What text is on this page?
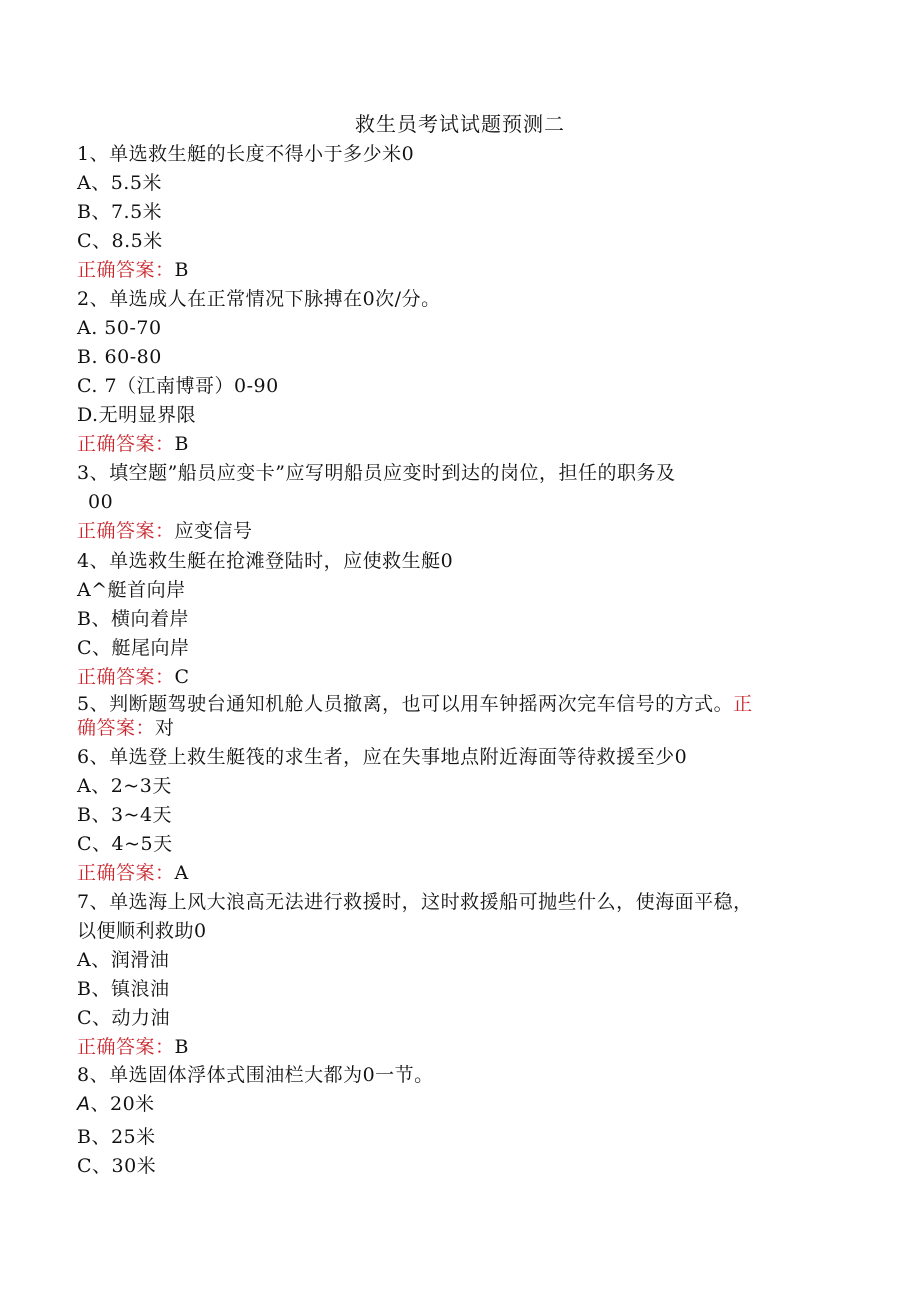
救生员考试试题预测二
1、单选救生艇的长度不得小于多少米0
A、5.5米
B、7.5米
C、8.5米
正确答案：B
2、单选成人在正常情况下脉搏在0次/分。
A. 50-70
B. 60-80
C. 7（江南博哥）0-90
D.无明显界限
正确答案：B
3、填空题”船员应变卡”应写明船员应变时到达的岗位，担任的职务及
00
正确答案：应变信号
4、单选救生艇在抢滩登陆时，应使救生艇0
A^艇首向岸
B、横向着岸
C、艇尾向岸
正确答案：C
5、判断题驾驶台通知机舱人员撤离，也可以用车钟摇两次完车信号的方式。正
确答案：对
6、单选登上救生艇筏的求生者，应在失事地点附近海面等待救援至少0
A、2~3天
B、3~4天
C、4~5天
正确答案：A
7、单选海上风大浪高无法进行救援时，这时救援船可抛些什么，使海面平稳，
以便顺利救助0
A、润滑油
B、镇浪油
C、动力油
正确答案：B
8、单选固体浮体式围油栏大都为0一节。
A、20米
B、25米
C、30米
